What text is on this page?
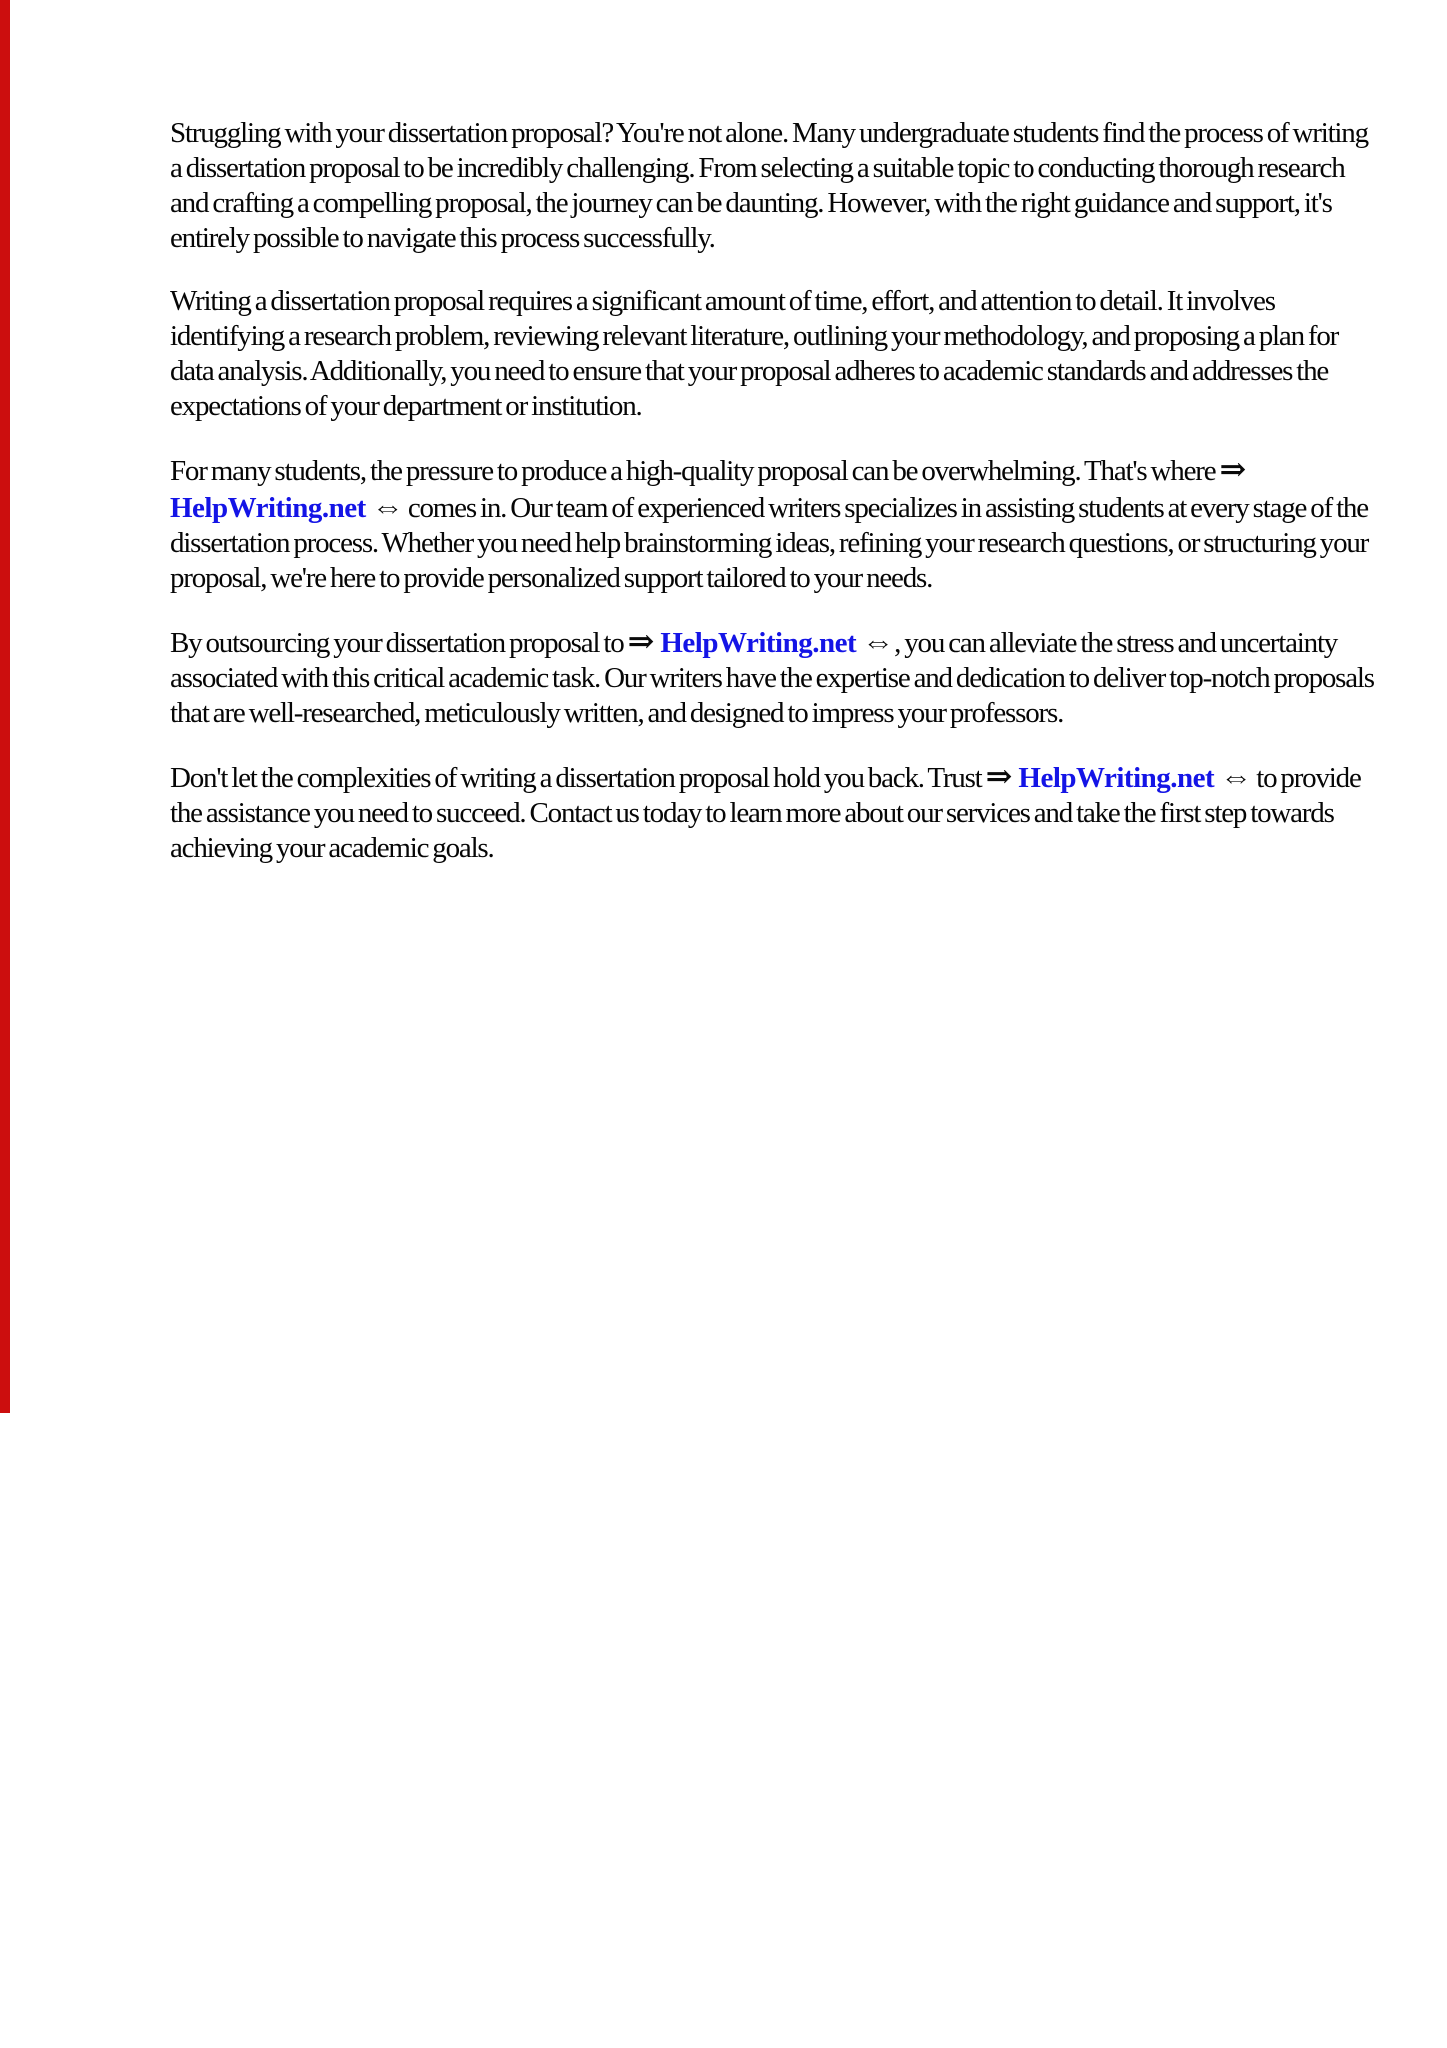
Struggling with your dissertation proposal? You're not alone. Many undergraduate students find the process of writing a dissertation proposal to be incredibly challenging. From selecting a suitable topic to conducting thorough research and crafting a compelling proposal, the journey can be daunting. However, with the right guidance and support, it's entirely possible to navigate this process successfully.

Writing a dissertation proposal requires a significant amount of time, effort, and attention to detail. It involves identifying a research problem, reviewing relevant literature, outlining your methodology, and proposing a plan for data analysis. Additionally, you need to ensure that your proposal adheres to academic standards and addresses the expectations of your department or institution.

For many students, the pressure to produce a high-quality proposal can be overwhelming. That's where ⇒ HelpWriting.net ⇔ comes in. Our team of experienced writers specializes in assisting students at every stage of the dissertation process. Whether you need help brainstorming ideas, refining your research questions, or structuring your proposal, we're here to provide personalized support tailored to your needs.

By outsourcing your dissertation proposal to ⇒ HelpWriting.net ⇔, you can alleviate the stress and uncertainty associated with this critical academic task. Our writers have the expertise and dedication to deliver top-notch proposals that are well-researched, meticulously written, and designed to impress your professors.

Don't let the complexities of writing a dissertation proposal hold you back. Trust ⇒ HelpWriting.net ⇔ to provide the assistance you need to succeed. Contact us today to learn more about our services and take the first step towards achieving your academic goals.
